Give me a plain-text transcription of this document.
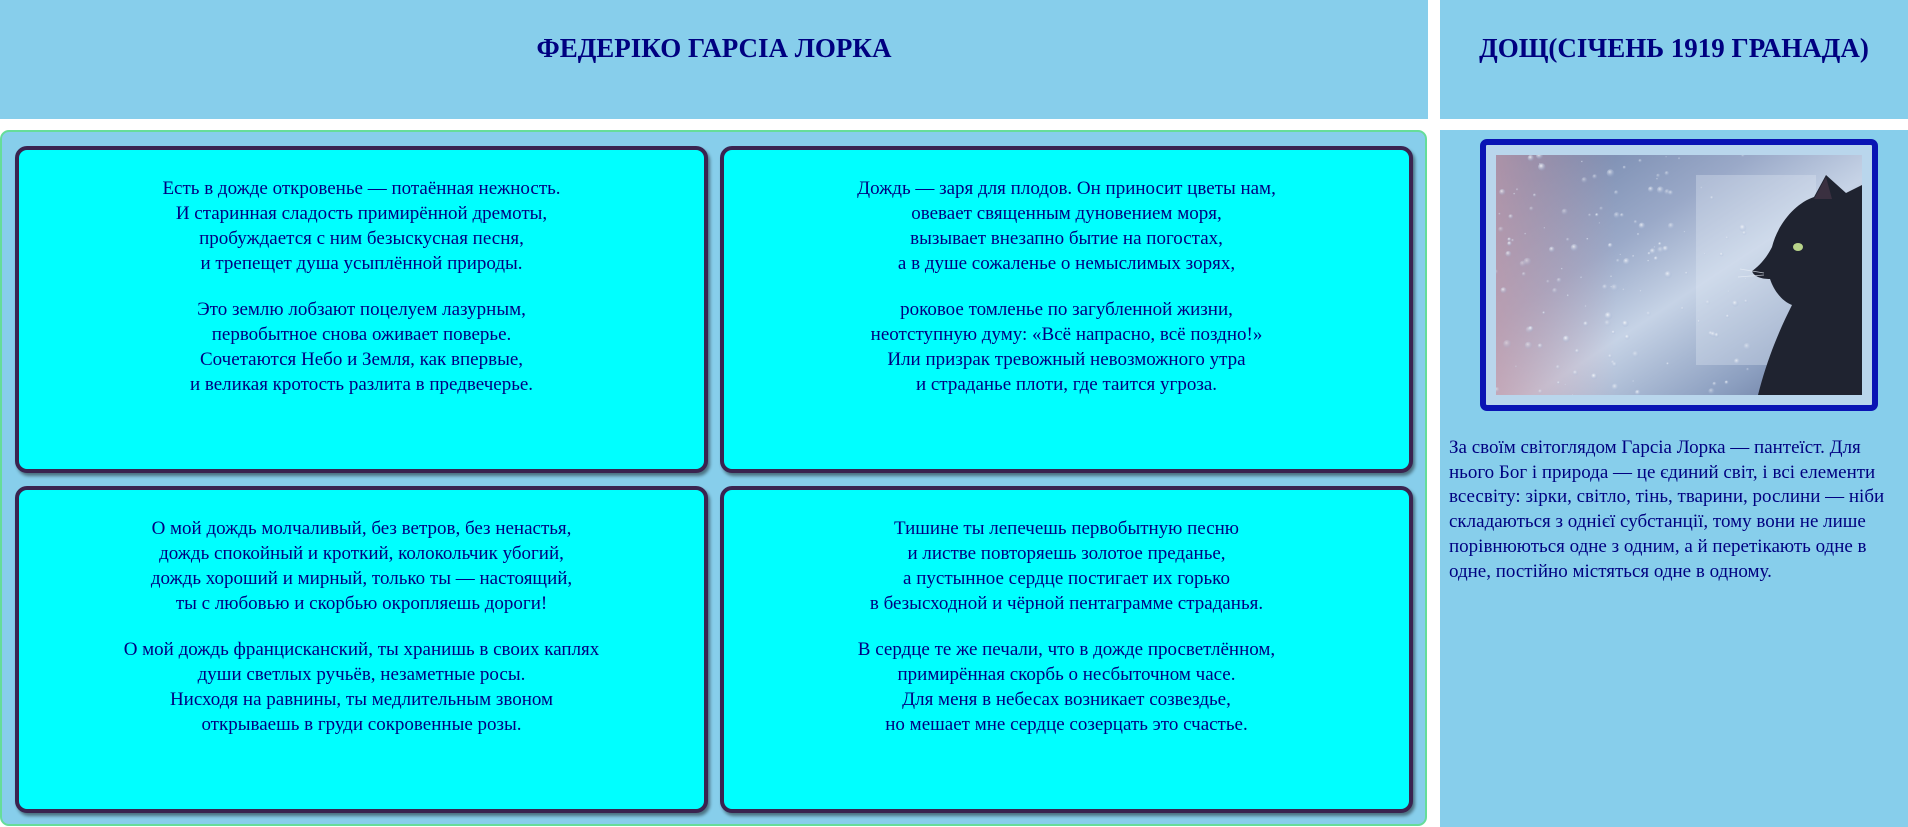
ФЕДЕРІКО ГАРСІА ЛОРКА	ДОЩ(СІЧЕНЬ 1919 ГРАНАДА)

Есть в дожде откровенье — потаённая нежность.
И старинная сладость примирённой дремоты,
пробуждается с ним безыскусная песня,
и трепещет душа усыплённой природы.

Это землю лобзают поцелуем лазурным,
первобытное снова оживает поверье.
Сочетаются Небо и Земля, как впервые,
и великая кротость разлита в предвечерье.

Дождь — заря для плодов. Он приносит цветы нам,
овевает священным дуновением моря,
вызывает внезапно бытие на погостах,
а в душе сожаленье о немыслимых зорях,

роковое томленье по загубленной жизни,
неотступную думу: «Всё напрасно, всё поздно!»
Или призрак тревожный невозможного утра
и страданье плоти, где таится угроза.

О мой дождь молчаливый, без ветров, без ненастья,
дождь спокойный и кроткий, колокольчик убогий,
дождь хороший и мирный, только ты — настоящий,
ты с любовью и скорбью окропляешь дороги!

О мой дождь францисканский, ты хранишь в своих каплях
души светлых ручьёв, незаметные росы.
Нисходя на равнины, ты медлительным звоном
открываешь в груди сокровенные розы.

Тишине ты лепечешь первобытную песню
и листве повторяешь золотое преданье,
а пустынное сердце постигает их горько
в безысходной и чёрной пентаграмме страданья.

В сердце те же печали, что в дожде просветлённом,
примирённая скорбь о несбыточном часе.
Для меня в небесах возникает созвездье,
но мешает мне сердце созерцать это счастье.

За своїм світоглядом Гарсіа Лорка — пантеїст. Для нього Бог і природа — це єдиний світ, і всі елементи всесвіту: зірки, світло, тінь, тварини, рослини — ніби складаються з однієї субстанції, тому вони не лише порівнюються одне з одним, а й перетікають одне в одне, постійно містяться одне в одному.
